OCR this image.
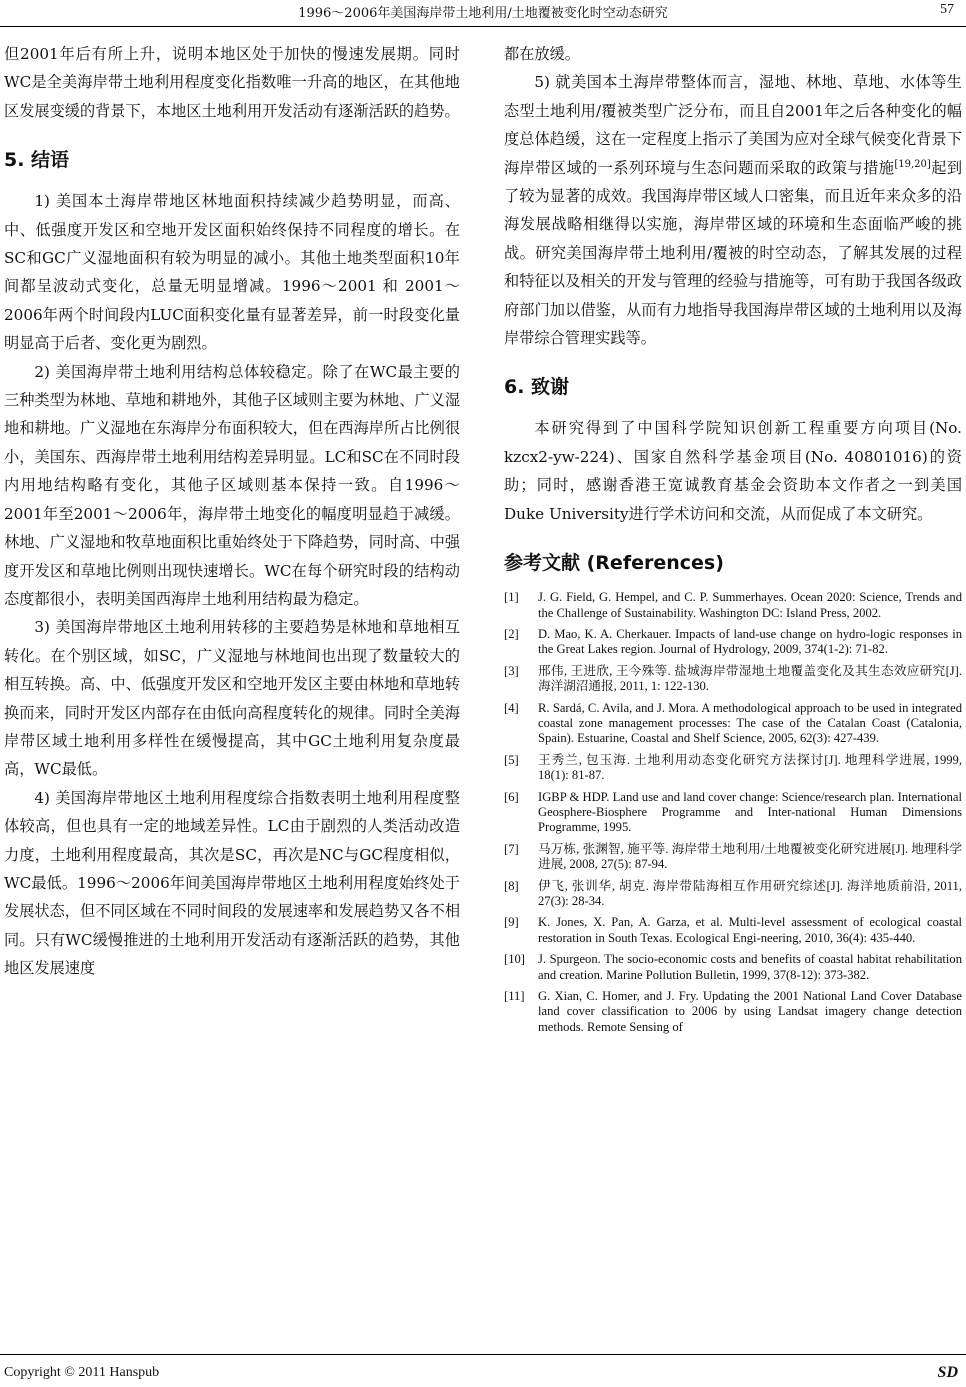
1996～2006年美国海岸带土地利用/土地覆被变化时空动态研究	57

但2001年后有所上升，说明本地区处于加快的慢速发展期。同时WC是全美海岸带土地利用程度变化指数唯一升高的地区，在其他地区发展变缓的背景下，本地区土地利用开发活动有逐渐活跃的趋势。

5. 结语

1) 美国本土海岸带地区林地面积持续减少趋势明显，而高、中、低强度开发区和空地开发区面积始终保持不同程度的增长。在SC和GC广义湿地面积有较为明显的减小。其他土地类型面积10年间都呈波动式变化，总量无明显增减。1996～2001 和 2001～2006年两个时间段内LUC面积变化量有显著差异，前一时段变化量明显高于后者、变化更为剧烈。

2) 美国海岸带土地利用结构总体较稳定。除了在WC最主要的三种类型为林地、草地和耕地外，其他子区域则主要为林地、广义湿地和耕地。广义湿地在东海岸分布面积较大，但在西海岸所占比例很小，美国东、西海岸带土地利用结构差异明显。LC和SC在不同时段内用地结构略有变化，其他子区域则基本保持一致。自1996～2001年至2001～2006年，海岸带土地变化的幅度明显趋于减缓。林地、广义湿地和牧草地面积比重始终处于下降趋势，同时高、中强度开发区和草地比例则出现快速增长。WC在每个研究时段的结构动态度都很小，表明美国西海岸土地利用结构最为稳定。

3) 美国海岸带地区土地利用转移的主要趋势是林地和草地相互转化。在个别区域，如SC，广义湿地与林地间也出现了数量较大的相互转换。高、中、低强度开发区和空地开发区主要由林地和草地转换而来，同时开发区内部存在由低向高程度转化的规律。同时全美海岸带区域土地利用多样性在缓慢提高，其中GC土地利用复杂度最高，WC最低。

4) 美国海岸带地区土地利用程度综合指数表明土地利用程度整体较高，但也具有一定的地域差异性。LC由于剧烈的人类活动改造力度，土地利用程度最高，其次是SC，再次是NC与GC程度相似，WC最低。1996～2006年间美国海岸带地区土地利用程度始终处于发展状态，但不同区域在不同时间段的发展速率和发展趋势又各不相同。只有WC缓慢推进的土地利用开发活动有逐渐活跃的趋势，其他地区发展速度

都在放缓。

5) 就美国本土海岸带整体而言，湿地、林地、草地、水体等生态型土地利用/覆被类型广泛分布，而且自2001年之后各种变化的幅度总体趋缓，这在一定程度上指示了美国为应对全球气候变化背景下海岸带区域的一系列环境与生态问题而采取的政策与措施[19,20]起到了较为显著的成效。我国海岸带区域人口密集，而且近年来众多的沿海发展战略相继得以实施，海岸带区域的环境和生态面临严峻的挑战。研究美国海岸带土地利用/覆被的时空动态，了解其发展的过程和特征以及相关的开发与管理的经验与措施等，可有助于我国各级政府部门加以借鉴，从而有力地指导我国海岸带区域的土地利用以及海岸带综合管理实践等。

6. 致谢

本研究得到了中国科学院知识创新工程重要方向项目(No. kzcx2-yw-224)、国家自然科学基金项目(No. 40801016)的资助；同时，感谢香港王宽诚教育基金会资助本文作者之一到美国Duke University进行学术访问和交流，从而促成了本文研究。

参考文献 (References)
[1]	J. G. Field, G. Hempel, and C. P. Summerhayes. Ocean 2020: Science, Trends and the Challenge of Sustainability. Washington DC: Island Press, 2002.
[2]	D. Mao, K. A. Cherkauer. Impacts of land-use change on hydro-logic responses in the Great Lakes region. Journal of Hydrology, 2009, 374(1-2): 71-82.
[3]	邢伟, 王进欣, 王今殊等. 盐城海岸带湿地土地覆盖变化及其生态效应研究[J]. 海洋湖沼通报, 2011, 1: 122-130.
[4]	R. Sardá, C. Avila, and J. Mora. A methodological approach to be used in integrated coastal zone management processes: The case of the Catalan Coast (Catalonia, Spain). Estuarine, Coastal and Shelf Science, 2005, 62(3): 427-439.
[5]	王秀兰, 包玉海. 土地利用动态变化研究方法探讨[J]. 地理科学进展, 1999, 18(1): 81-87.
[6]	IGBP & HDP. Land use and land cover change: Science/research plan. International Geosphere-Biosphere Programme and Inter-national Human Dimensions Programme, 1995.
[7]	马万栋, 张渊智, 施平等. 海岸带土地利用/土地覆被变化研究进展[J]. 地理科学进展, 2008, 27(5): 87-94.
[8]	伊飞, 张训华, 胡克. 海岸带陆海相互作用研究综述[J]. 海洋地质前沿, 2011, 27(3): 28-34.
[9]	K. Jones, X. Pan, A. Garza, et al. Multi-level assessment of ecological coastal restoration in South Texas. Ecological Engi-neering, 2010, 36(4): 435-440.
[10]	J. Spurgeon. The socio-economic costs and benefits of coastal habitat rehabilitation and creation. Marine Pollution Bulletin, 1999, 37(8-12): 373-382.
[11]	G. Xian, C. Homer, and J. Fry. Updating the 2001 National Land Cover Database land cover classification to 2006 by using Landsat imagery change detection methods. Remote Sensing of
Copyright © 2011 Hanspub	SD
